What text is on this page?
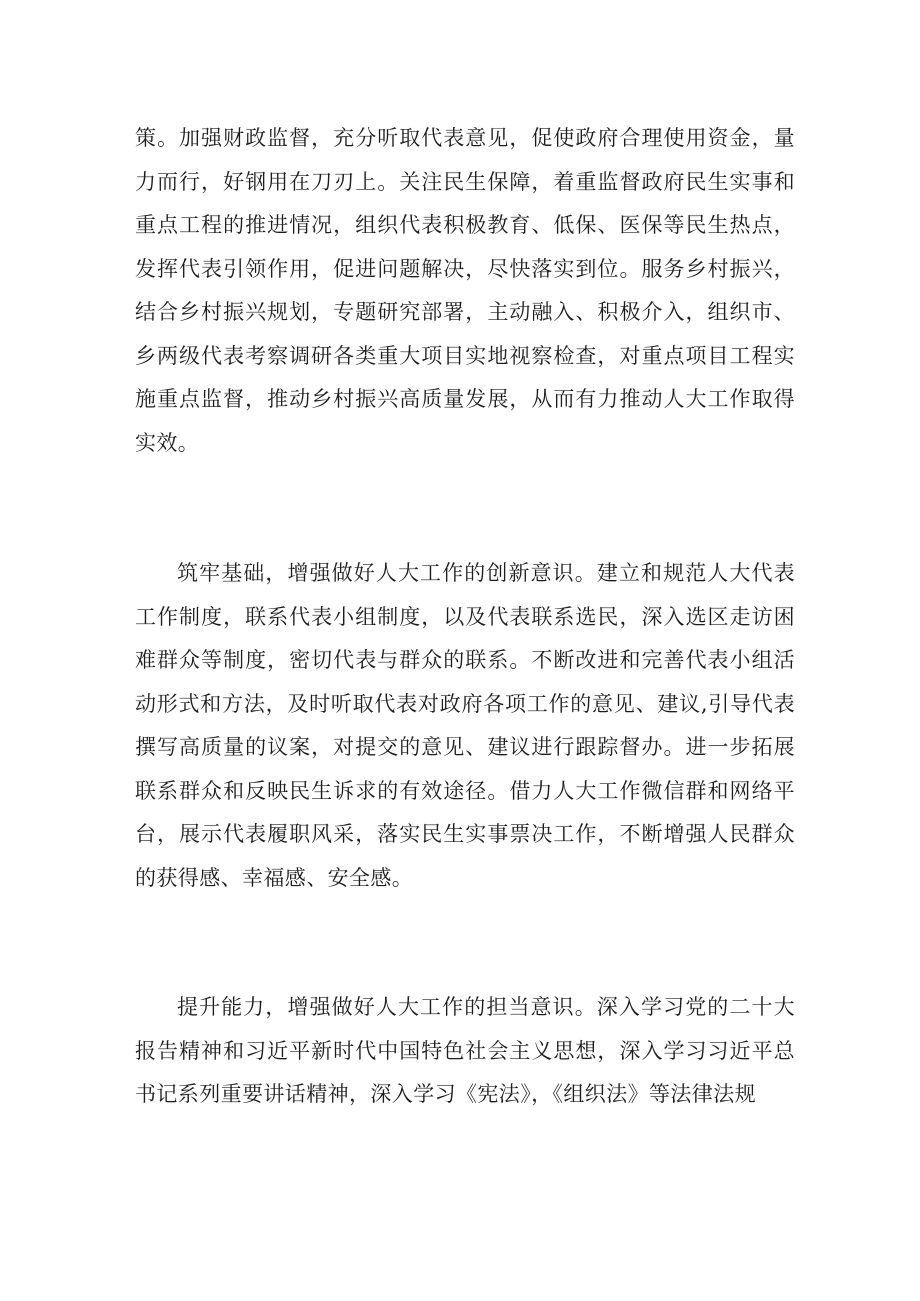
策。加强财政监督，充分听取代表意见，促使政府合理使用资金，量力而行，好钢用在刀刃上。关注民生保障，着重监督政府民生实事和重点工程的推进情况，组织代表积极教育、低保、医保等民生热点，发挥代表引领作用，促进问题解决，尽快落实到位。服务乡村振兴，结合乡村振兴规划，专题研究部署，主动融入、积极介入，组织市、乡两级代表考察调研各类重大项目实地视察检查，对重点项目工程实施重点监督，推动乡村振兴高质量发展，从而有力推动人大工作取得实效。

筑牢基础，增强做好人大工作的创新意识。建立和规范人大代表工作制度，联系代表小组制度，以及代表联系选民，深入选区走访困难群众等制度，密切代表与群众的联系。不断改进和完善代表小组活动形式和方法，及时听取代表对政府各项工作的意见、建议,引导代表撰写高质量的议案，对提交的意见、建议进行跟踪督办。进一步拓展联系群众和反映民生诉求的有效途径。借力人大工作微信群和网络平台，展示代表履职风采，落实民生实事票决工作，不断增强人民群众的获得感、幸福感、安全感。

提升能力，增强做好人大工作的担当意识。深入学习党的二十大报告精神和习近平新时代中国特色社会主义思想，深入学习习近平总书记系列重要讲话精神，深入学习《宪法》，《组织法》等法律法规
